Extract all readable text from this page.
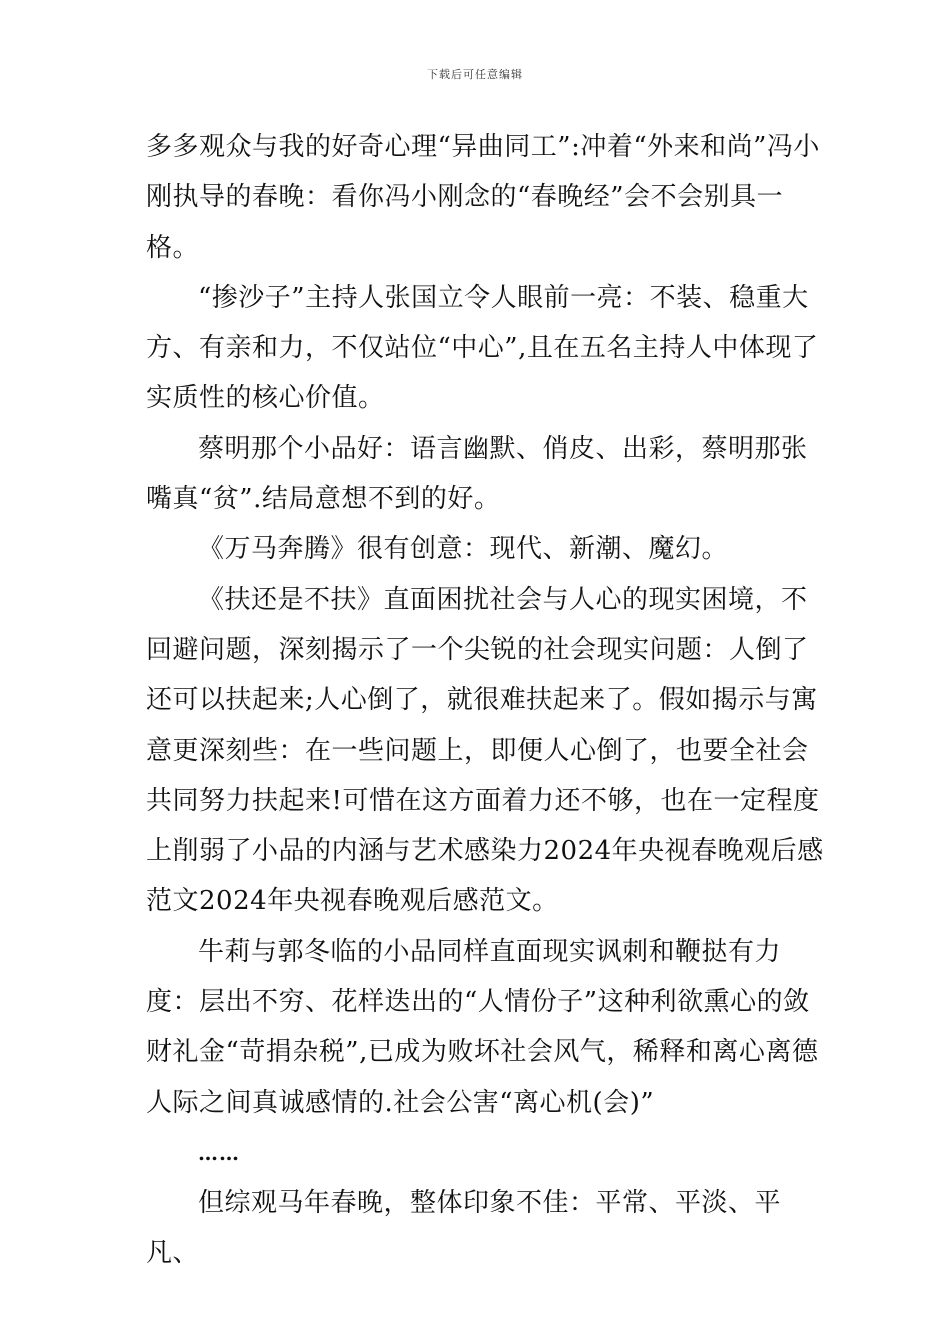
下载后可任意编辑

多多观众与我的好奇心理“异曲同工”:冲着“外来和尚”冯小刚执导的春晚：看你冯小刚念的“春晚经”会不会别具一格。

“掺沙子”主持人张国立令人眼前一亮：不装、稳重大方、有亲和力，不仅站位“中心”,且在五名主持人中体现了实质性的核心价值。

蔡明那个小品好：语言幽默、俏皮、出彩，蔡明那张嘴真“贫”.结局意想不到的好。

《万马奔腾》很有创意：现代、新潮、魔幻。

《扶还是不扶》直面困扰社会与人心的现实困境，不回避问题，深刻揭示了一个尖锐的社会现实问题：人倒了还可以扶起来;人心倒了，就很难扶起来了。假如揭示与寓意更深刻些：在一些问题上，即便人心倒了，也要全社会共同努力扶起来!可惜在这方面着力还不够，也在一定程度上削弱了小品的内涵与艺术感染力2024年央视春晚观后感范文2024年央视春晚观后感范文。

牛莉与郭冬临的小品同样直面现实讽刺和鞭挞有力度：层出不穷、花样迭出的“人情份子”这种利欲熏心的敛财礼金“苛捐杂税”,已成为败坏社会风气，稀释和离心离德人际之间真诚感情的.社会公害“离心机(会)”

……

但综观马年春晚，整体印象不佳：平常、平淡、平凡、
